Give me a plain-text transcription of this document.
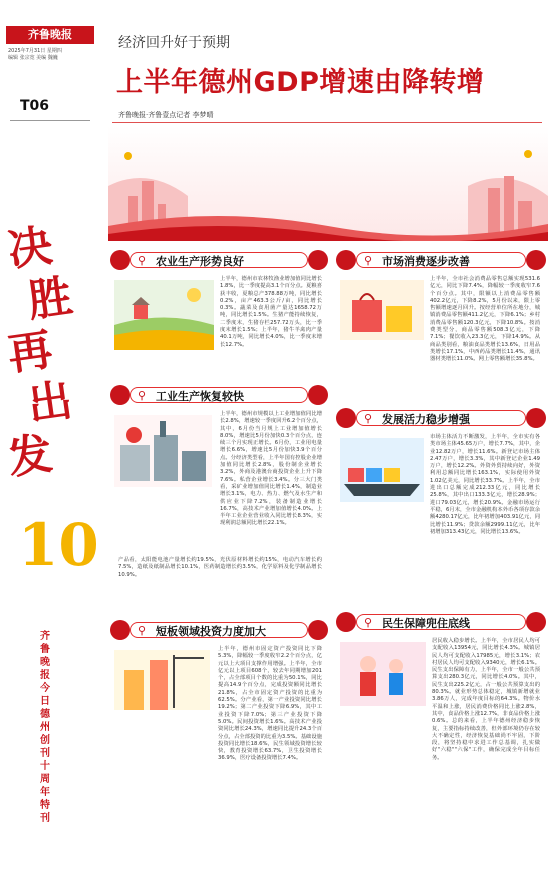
齐鲁晚报
2025年7月31日 星期四
编辑 张宗宽 美编 魏巍
T06
决
胜
再
出
发
10
齐鲁晚报今日德州创刊十周年特刊
经济回升好于预期
上半年德州GDP增速由降转增
齐鲁晚报·齐鲁壹点记者 李梦晴
⚲ 农业生产形势良好
上半年，德州市农林牧渔业增加值同比增长1.8%，比一季度提高3.1个百分点。夏粮喜获丰收，夏粮总产378.88万吨，同比增长0.2%，亩产463.3公斤/亩，同比增长0.3%。蔬菜及食用菌产量达1658.72万吨，同比增长1.5%。生猪产能持续恢复，二季度末，生猪存栏257.72万头，比一季度末增长1.5%；上半年，猪牛羊禽肉产量40.1万吨，同比增长4.0%，比一季度末增长12.7%。
⚲ 工业生产恢复较快
上半年，德州市规模以上工业增加值同比增长2.8%，增速较一季度回升6.2个百分点，其中，6月份当月规上工业增加值增长8.0%，增速比5月份加快0.3个百分点，连续三个月实现正增长。6月份，工业用电量增长6.6%，增速比5月份加快3.9个百分点。分经济类型看，上半年国有控股企业增加值同比增长2.8%，股份制企业增长3.2%，外商及港澳台商投资企业上升下降7.6%。私营企业增长3.4%。分三大门类看，采矿业增加值同比增长1.4%，制造业增长3.1%，电力、热力、燃气及水生产和供应业下降7.2%，装备制造业增长16.7%，高技术产业增加值增长4.0%。上半年工业企业营业收入同比增长8.3%，实现利润总额同比增长22.1%。
产品看，太阳能电池产量增长约19.5%，光伏原材料增长约15%，电动汽车增长约7.5%，造纸及纸制品增长10.1%，医药制造增长约3.5%，化学原料及化学制品增长10.9%。
⚲ 短板领域投资力度加大
上半年，德州市固定资产投资同比下降5.3%，降幅较一季度收窄2.2个百分点，亿元以上大项目支撑作用增强。上半年，全市亿元以上项目608个，较去年同期增加201个，占全部项目个数的比重为50.1%，同比提高14.9个百分点，完成投资额同比增长21.8%，占全市固定资产投资的比重为62.5%。分产业看，第一产业投资同比增长19.2%；第二产业投资下降6.9%，其中工业投资下降7.0%；第三产业投资下降5.0%。民间投资增长1.6%。高技术产业投资同比增长24.3%，增速同比提升24.3个百分点，占全部投资的比重为3.5%。基础设施投资同比增长18.6%，民生领域投资增长较快，教育投资增长63.7%，卫生投资增长36.9%，医疗设备投资增长7.4%。
⚲ 市场消费逐步改善
上半年，全市社会消费品零售总额实现531.6亿元，同比下降7.4%，降幅较一季度收窄7.6个百分点。其中，限额以上消费品零售额402.2亿元，下降8.2%，5月份以来，限上零售额增速逐月回升。按经营单位所在地分，城镇消费品零售额411.2亿元，下降6.1%；乡村消费品零售额120.3亿元，下降10.8%。按消费类型分，商品零售额508.3亿元，下降7.1%；餐饮收入23.3亿元，下降14.9%。从商品类别看，粮油食品类增长13.6%，日用品类增长17.1%，中西药品类增长11.4%，通讯器材类增长11.0%。网上零售额增长35.8%。
⚲ 发展活力稳步增强
市场主体活力不断激发，上半年，全市实有各类市场主体45.65万户，增长7.7%，其中，企业12.82万户，增长11.6%。新登记市场主体2.47万户，增长3.3%，其中新登记企业1.49万户，增长12.2%。外资外贸持续向好，外资利用总额同比增长163.1%，实际使用外资1.02亿美元，同比增长33.7%。上半年，全市进出口总额完成212.33亿元，同比增长25.8%，其中出口133.3亿元，增长28.9%；进口79.03亿元，增长20.9%。金融市场运行平稳，6月末，全市金融机构本外币各项存款余额4280.17亿元，比年初增加403.91亿元，同比增长11.9%；贷款余额2999.11亿元，比年初增加313.43亿元，同比增长13.6%。
⚲ 民生保障兜住底线
居民收入稳步增长。上半年，全市居民人均可支配收入13954元，同比增长4.3%。城镇居民人均可支配收入17985元，增长3.1%；农村居民人均可支配收入9340元，增长6.1%。民生支出保障有力，上半年，全市一般公共预算支出280.3亿元，同比增长4.0%。其中，民生支出225.2亿元，占一般公共预算支出的80.3%。就业形势总体稳定，城镇新增就业3.86万人，完成年度目标的64.3%。物价水平温和上涨，居民消费价格同比上涨2.8%，其中，食品价格上涨12.7%，非食品价格上涨0.6%。总的来看，上半年德州经济稳步恢复，主要指标持续改善，但外部环境仍存在较大不确定性，经济恢复基础尚不牢固，下阶段，将坚持稳中求进工作总基调，扎实做好"六稳""六保"工作，确保完成全年目标任务。
